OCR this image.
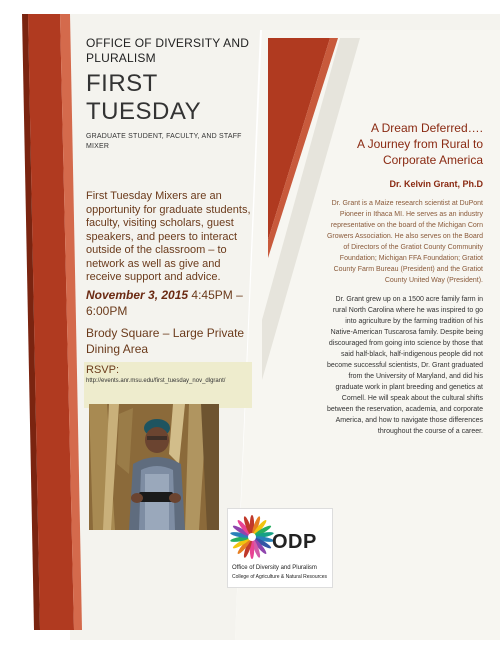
OFFICE OF DIVERSITY AND PLURALISM

FIRST
TUESDAY

GRADUATE STUDENT, FACULTY, AND STAFF MIXER

First Tuesday Mixers are an opportunity for graduate students, faculty, visiting scholars, guest speakers, and peers to interact outside of the classroom – to network as well as give and receive support and advice.

November 3, 2015 4:45PM – 6:00PM

Brody Square – Large Private Dining Area

RSVP:

http://events.anr.msu.edu/first_tuesday_nov_dlgrant/

A Dream Deferred….

A Journey from Rural to

Corporate America

Dr. Kelvin Grant, Ph.D

Dr. Grant is a Maize research scientist at DuPont Pioneer in Ithaca MI. He serves as an industry representative on the board of the Michigan Corn Growers Association. He also serves on the Board of Directors of the Gratiot County Community Foundation; Michigan FFA Foundation; Gratiot County Farm Bureau (President) and the Gratiot County United Way (President).

Dr. Grant grew up on a 1500 acre family farm in rural North Carolina where he was inspired to go into agriculture by the farming tradition of his Native-American Tuscarosa family. Despite being discouraged from going into science by those that said half-black, half-indigenous people did not become successful scientists, Dr. Grant graduated from the University of Maryland, and did his graduate work in plant breeding and genetics at Cornell. He will speak about the cultural shifts between the reservation, academia, and corporate America, and how to navigate those differences throughout the course of a career.

ODP

Office of Diversity and Pluralism

College of Agriculture & Natural Resources
